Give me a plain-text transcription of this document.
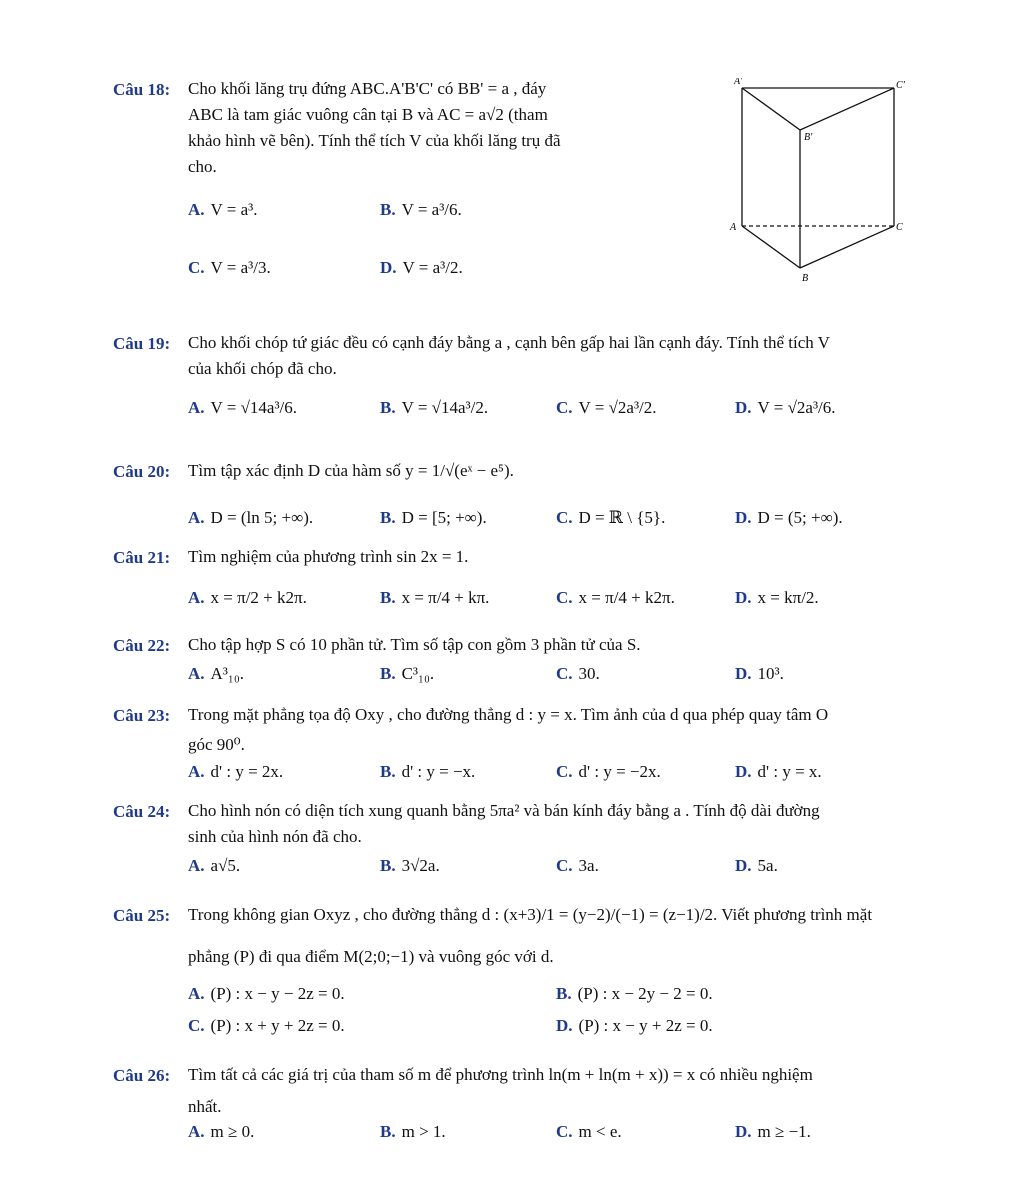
Câu 18: Cho khối lăng trụ đứng ABC.A'B'C' có BB' = a , đáy
ABC là tam giác vuông cân tại B và AC = a√2 (tham
khảo hình vẽ bên). Tính thể tích V của khối lăng trụ đã
cho.
A. V = a³.	B. V = a³/6.
C. V = a³/3.	D. V = a³/2.
A'	C'
B'
A	C
B
Câu 19: Cho khối chóp tứ giác đều có cạnh đáy bằng a , cạnh bên gấp hai lần cạnh đáy. Tính thể tích V
của khối chóp đã cho.
A. V = √14a³/6.	B. V = √14a³/2.	C. V = √2a³/2.	D. V = √2a³/6.
Câu 20: Tìm tập xác định D của hàm số y = 1/√(eˣ − e⁵).
A. D = (ln 5; +∞).	B. D = [5; +∞).	C. D = ℝ \ {5}.	D. D = (5; +∞).
Câu 21: Tìm nghiệm của phương trình sin 2x = 1.
A. x = π/2 + k2π.	B. x = π/4 + kπ.	C. x = π/4 + k2π.	D. x = kπ/2.
Câu 22: Cho tập hợp S có 10 phần tử. Tìm số tập con gồm 3 phần tử của S.
A. A³₁₀.	B. C³₁₀.	C. 30.	D. 10³.
Câu 23: Trong mặt phẳng tọa độ Oxy , cho đường thẳng d : y = x. Tìm ảnh của d qua phép quay tâm O
góc 90⁰.
A. d' : y = 2x.	B. d' : y = −x.	C. d' : y = −2x.	D. d' : y = x.
Câu 24: Cho hình nón có diện tích xung quanh bằng 5πa² và bán kính đáy bằng a . Tính độ dài đường
sinh của hình nón đã cho.
A. a√5.	B. 3√2a.	C. 3a.	D. 5a.
Câu 25: Trong không gian Oxyz , cho đường thẳng d : (x+3)/1 = (y−2)/(−1) = (z−1)/2. Viết phương trình mặt
phẳng (P) đi qua điểm M(2;0;−1) và vuông góc với d.
A. (P) : x − y − 2z = 0.	B. (P) : x − 2y − 2 = 0.
C. (P) : x + y + 2z = 0.	D. (P) : x − y + 2z = 0.
Câu 26: Tìm tất cả các giá trị của tham số m để phương trình ln(m + ln(m + x)) = x có nhiều nghiệm
nhất.
A. m ≥ 0.	B. m > 1.	C. m < e.	D. m ≥ −1.
